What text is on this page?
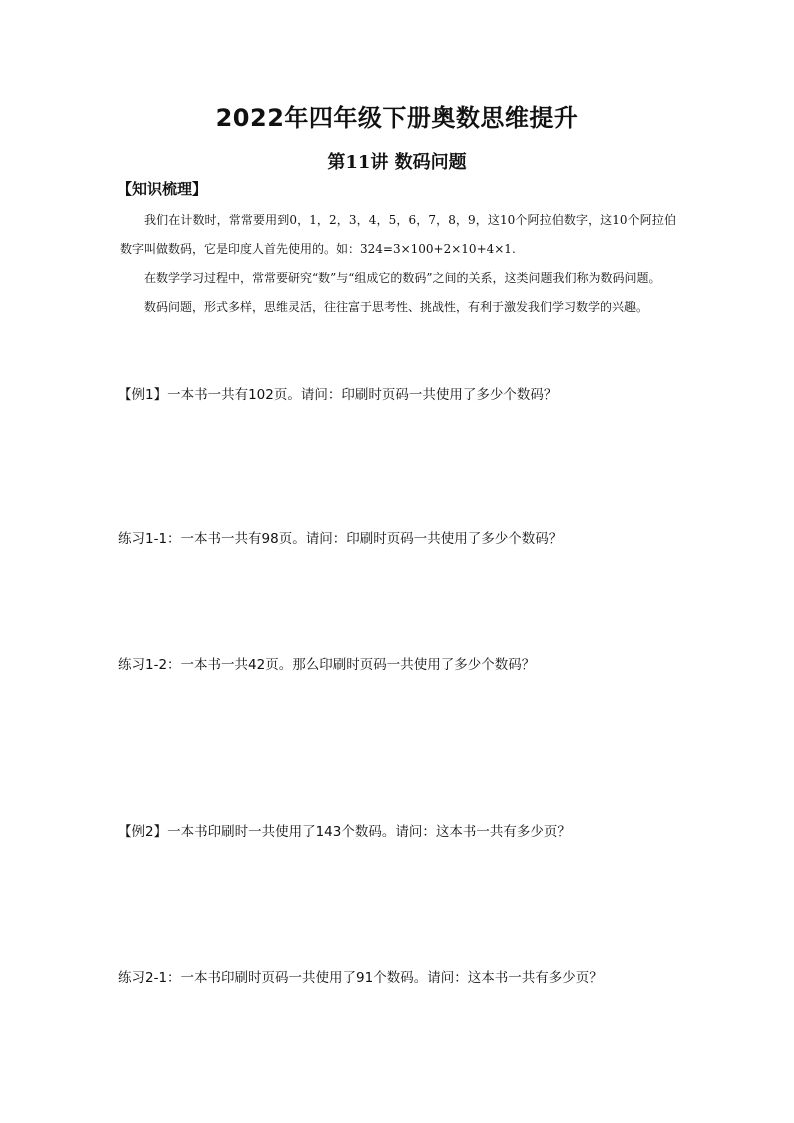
2022年四年级下册奥数思维提升
第11讲 数码问题
【知识梳理】

我们在计数时，常常要用到0，1，2，3，4，5，6，7，8，9，这10个阿拉伯数字，这10个阿拉伯数字叫做数码，它是印度人首先使用的。如：324=3×100+2×10+4×1.

在数学学习过程中，常常要研究“数”与“组成它的数码”之间的关系，这类问题我们称为数码问题。

数码问题，形式多样，思维灵活，往往富于思考性、挑战性，有利于激发我们学习数学的兴趣。

【例1】一本书一共有102页。请问：印刷时页码一共使用了多少个数码？
练习1-1：一本书一共有98页。请问：印刷时页码一共使用了多少个数码？
练习1-2：一本书一共42页。那么印刷时页码一共使用了多少个数码？
【例2】一本书印刷时一共使用了143个数码。请问：这本书一共有多少页？
练习2-1：一本书印刷时页码一共使用了91个数码。请问：这本书一共有多少页？
